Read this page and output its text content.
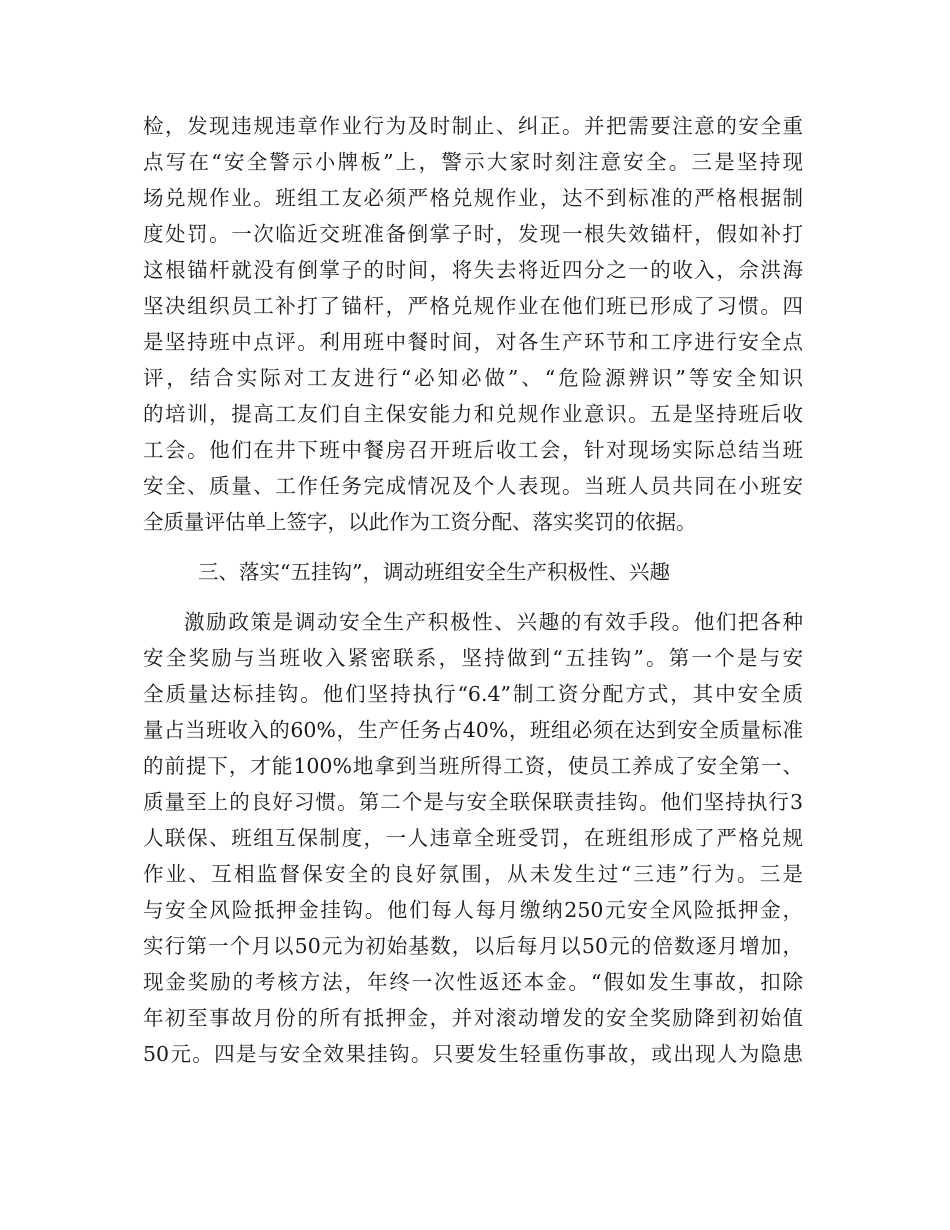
检，发现违规违章作业行为及时制止、纠正。并把需要注意的安全重
点写在“安全警示小牌板”上，警示大家时刻注意安全。三是坚持现
场兑规作业。班组工友必须严格兑规作业，达不到标准的严格根据制
度处罚。一次临近交班准备倒掌子时，发现一根失效锚杆，假如补打
这根锚杆就没有倒掌子的时间，将失去将近四分之一的收入，佘洪海
坚决组织员工补打了锚杆，严格兑规作业在他们班已形成了习惯。四
是坚持班中点评。利用班中餐时间，对各生产环节和工序进行安全点
评，结合实际对工友进行“必知必做”、“危险源辨识”等安全知识
的培训，提高工友们自主保安能力和兑规作业意识。五是坚持班后收
工会。他们在井下班中餐房召开班后收工会，针对现场实际总结当班
安全、质量、工作任务完成情况及个人表现。当班人员共同在小班安
全质量评估单上签字，以此作为工资分配、落实奖罚的依据。
三、落实“五挂钩”，调动班组安全生产积极性、兴趣
激励政策是调动安全生产积极性、兴趣的有效手段。他们把各种
安全奖励与当班收入紧密联系，坚持做到“五挂钩”。第一个是与安
全质量达标挂钩。他们坚持执行“6.4”制工资分配方式，其中安全质
量占当班收入的60%，生产任务占40%，班组必须在达到安全质量标准
的前提下，才能100%地拿到当班所得工资，使员工养成了安全第一、
质量至上的良好习惯。第二个是与安全联保联责挂钩。他们坚持执行3
人联保、班组互保制度，一人违章全班受罚，在班组形成了严格兑规
作业、互相监督保安全的良好氛围，从未发生过“三违”行为。三是
与安全风险抵押金挂钩。他们每人每月缴纳250元安全风险抵押金，
实行第一个月以50元为初始基数，以后每月以50元的倍数逐月增加，
现金奖励的考核方法，年终一次性返还本金。“假如发生事故，扣除
年初至事故月份的所有抵押金，并对滚动增发的安全奖励降到初始值
50元。四是与安全效果挂钩。只要发生轻重伤事故，或出现人为隐患
